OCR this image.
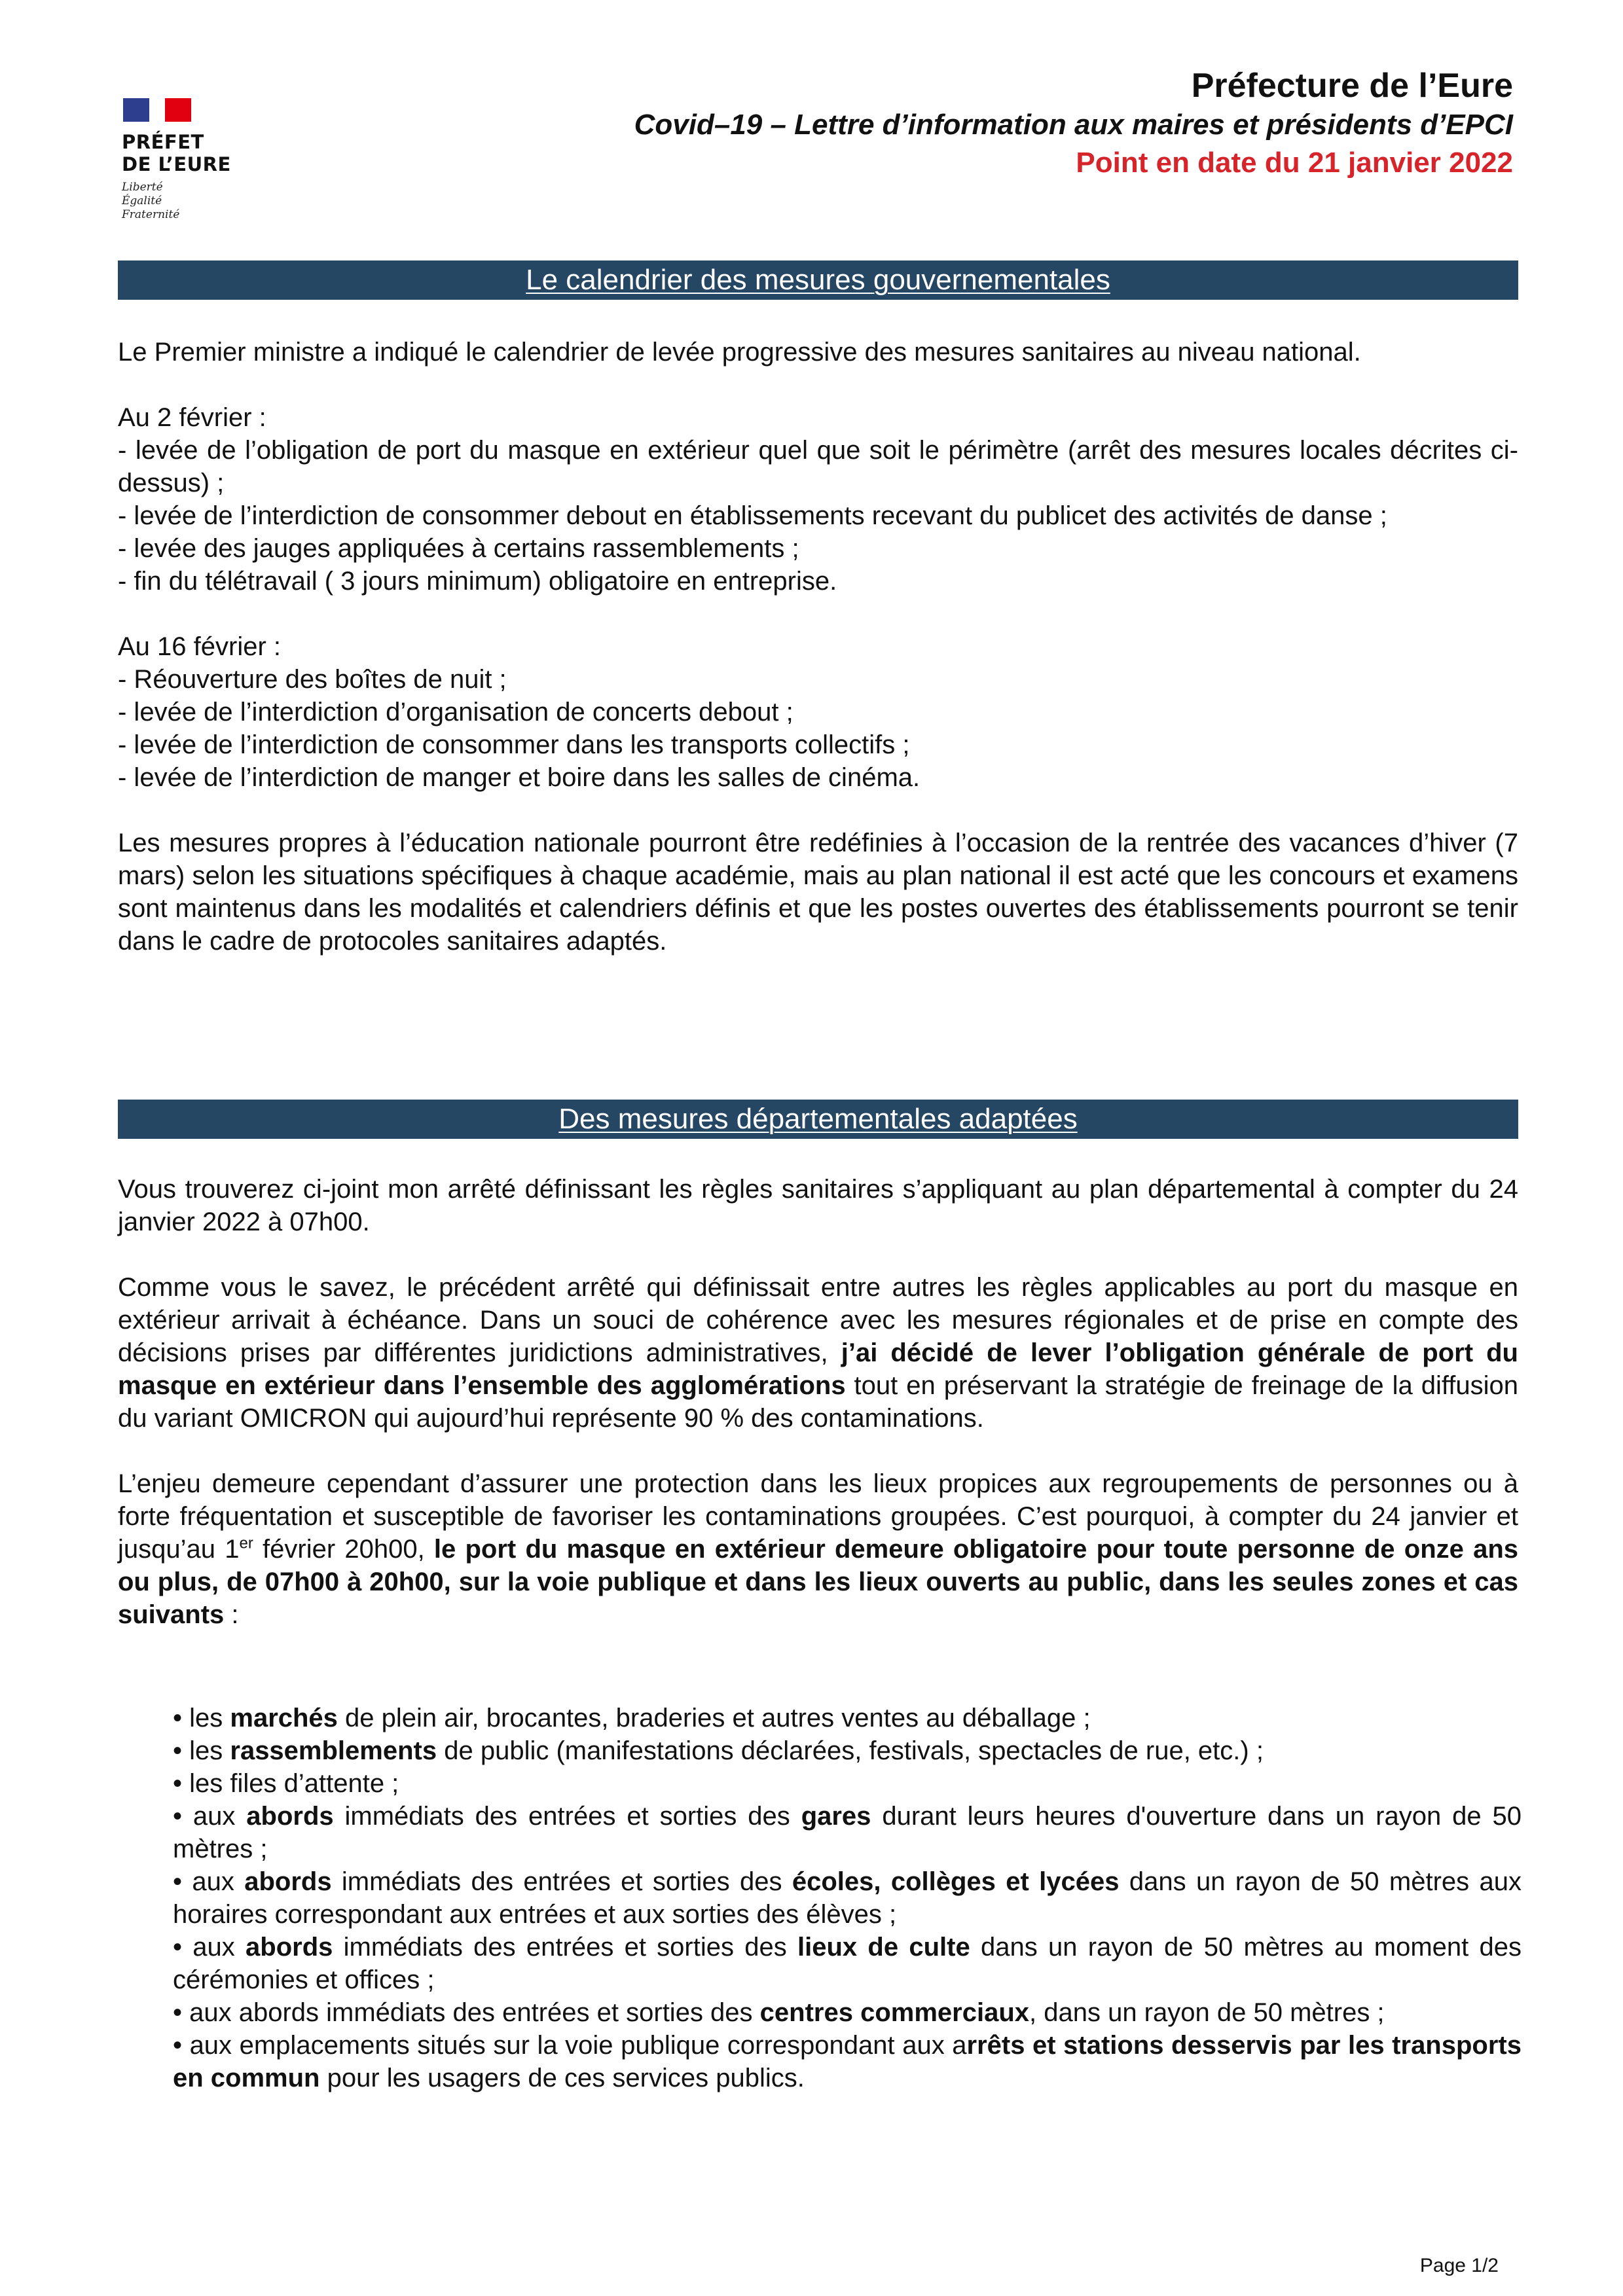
PRÉFET
DE L’EURE
Liberté
Égalité
Fraternité
Préfecture de l’Eure
Covid–19 – Lettre d’information aux maires et présidents d’EPCI
Point en date du 21 janvier 2022
Le calendrier des mesures gouvernementales

Le Premier ministre a indiqué le calendrier de levée progressive des mesures sanitaires au niveau national.

Au 2 février :

- levée de l’obligation de port du masque en extérieur quel que soit le périmètre (arrêt des mesures locales décrites ci-dessus) ;

- levée de l’interdiction de consommer debout en établissements recevant du publicet des activités de danse ;

- levée des jauges appliquées à certains rassemblements ;

- fin du télétravail ( 3 jours minimum) obligatoire en entreprise.

Au 16 février :

- Réouverture des boîtes de nuit ;

- levée de l’interdiction d’organisation de concerts debout ;

- levée de l’interdiction de consommer dans les transports collectifs ;

- levée de l’interdiction de manger et boire dans les salles de cinéma.

Les mesures propres à l’éducation nationale pourront être redéfinies à l’occasion de la rentrée des vacances d’hiver (7 mars) selon les situations spécifiques à chaque académie, mais au plan national il est acté que les concours et examens sont maintenus dans les modalités et calendriers définis et que les postes ouvertes des établissements pourront se tenir dans le cadre de protocoles sanitaires adaptés.

Des mesures départementales adaptées

Vous trouverez ci-joint mon arrêté définissant les règles sanitaires s’appliquant au plan départemental à compter du 24 janvier 2022 à 07h00.

Comme vous le savez, le précédent arrêté qui définissait entre autres les règles applicables au port du masque en extérieur arrivait à échéance. Dans un souci de cohérence avec les mesures régionales et de prise en compte des décisions prises par différentes juridictions administratives, j’ai décidé de lever l’obligation générale de port du masque en extérieur dans l’ensemble des agglomérations tout en préservant la stratégie de freinage de la diffusion du variant OMICRON qui aujourd’hui représente 90 % des contaminations.

L’enjeu demeure cependant d’assurer une protection dans les lieux propices aux regroupements de personnes ou à forte fréquentation et susceptible de favoriser les contaminations groupées. C’est pourquoi, à compter du 24 janvier et jusqu’au 1er février 20h00, le port du masque en extérieur demeure obligatoire pour toute personne de onze ans ou plus, de 07h00 à 20h00, sur la voie publique et dans les lieux ouverts au public, dans les seules zones et cas suivants :

• les marchés de plein air, brocantes, braderies et autres ventes au déballage ;

• les rassemblements de public (manifestations déclarées, festivals, spectacles de rue, etc.) ;

• les files d’attente ;

• aux abords immédiats des entrées et sorties des gares durant leurs heures d'ouverture dans un rayon de 50 mètres ;

• aux abords immédiats des entrées et sorties des écoles, collèges et lycées dans un rayon de 50 mètres aux horaires correspondant aux entrées et aux sorties des élèves ;

• aux abords immédiats des entrées et sorties des lieux de culte dans un rayon de 50 mètres au moment des cérémonies et offices ;

• aux abords immédiats des entrées et sorties des centres commerciaux, dans un rayon de 50 mètres ;

• aux emplacements situés sur la voie publique correspondant aux arrêts et stations desservis par les transports en commun pour les usagers de ces services publics.

Page 1/2
